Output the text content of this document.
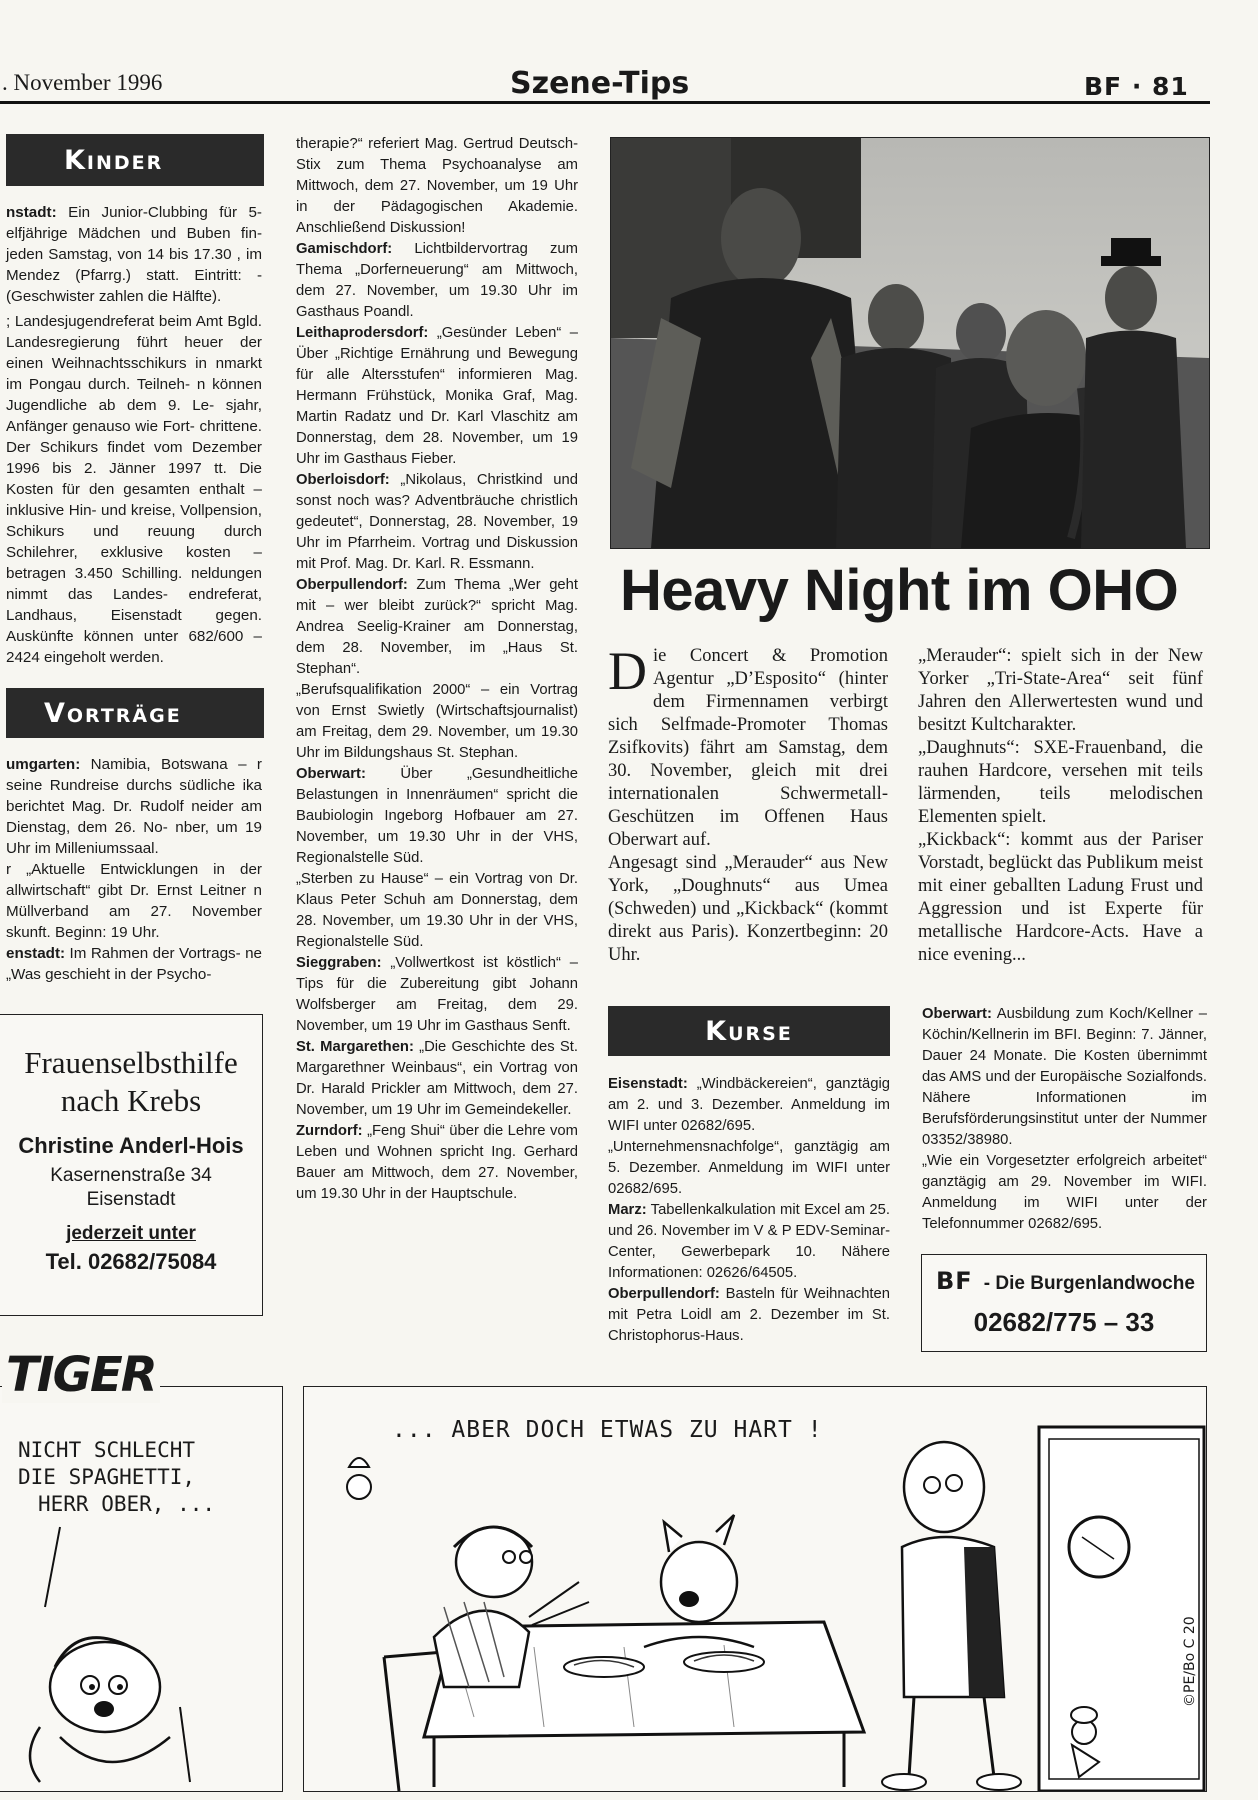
. November 1996	Szene-Tips	BF · 81
Kinder

nstadt: Ein Junior-Clubbing für 5- elfjährige Mädchen und Buben fin- jeden Samstag, von 14 bis 17.30 , im Mendez (Pfarrg.) statt. Eintritt: - (Geschwister zahlen die Hälfte).

; Landesjugendreferat beim Amt Bgld. Landesregierung führt heuer der einen Weihnachtsschikurs in nmarkt im Pongau durch. Teilneh- n können Jugendliche ab dem 9. Le- sjahr, Anfänger genauso wie Fort- chrittene. Der Schikurs findet vom Dezember 1996 bis 2. Jänner 1997 tt. Die Kosten für den gesamten enthalt – inklusive Hin- und kreise, Vollpension, Schikurs und reuung durch Schilehrer, exklusive kosten – betragen 3.450 Schilling. neldungen nimmt das Landes- endreferat, Landhaus, Eisenstadt gegen. Auskünfte können unter 682/600 – 2424 eingeholt werden.

Vorträge

umgarten: Namibia, Botswana – r seine Rundreise durchs südliche ika berichtet Mag. Dr. Rudolf neider am Dienstag, dem 26. No- nber, um 19 Uhr im Milleniumssaal.

r „Aktuelle Entwicklungen in der allwirtschaft“ gibt Dr. Ernst Leitner n Müllverband am 27. November skunft. Beginn: 19 Uhr.

enstadt: Im Rahmen der Vortrags- ne „Was geschieht in der Psycho-

Frauenselbsthilfe
nach Krebs
Christine Anderl-Hois
Kasernenstraße 34
Eisenstadt
jederzeit unter
Tel. 02682/75084

therapie?“ referiert Mag. Gertrud Deutsch-Stix zum Thema Psychoanalyse am Mittwoch, dem 27. November, um 19 Uhr in der Pädagogischen Akademie. Anschließend Diskussion!

Gamischdorf: Lichtbildervortrag zum Thema „Dorferneuerung“ am Mittwoch, dem 27. November, um 19.30 Uhr im Gasthaus Poandl.

Leithaprodersdorf: „Gesünder Leben“ – Über „Richtige Ernährung und Bewegung für alle Altersstufen“ informieren Mag. Hermann Frühstück, Monika Graf, Mag. Martin Radatz und Dr. Karl Vlaschitz am Donnerstag, dem 28. November, um 19 Uhr im Gasthaus Fieber.

Oberloisdorf: „Nikolaus, Christkind und sonst noch was? Adventbräuche christlich gedeutet“, Donnerstag, 28. November, 19 Uhr im Pfarrheim. Vortrag und Diskussion mit Prof. Mag. Dr. Karl. R. Essmann.

Oberpullendorf: Zum Thema „Wer geht mit – wer bleibt zurück?“ spricht Mag. Andrea Seelig-Krainer am Donnerstag, dem 28. November, im „Haus St. Stephan“.

„Berufsqualifikation 2000“ – ein Vortrag von Ernst Swietly (Wirtschaftsjournalist) am Freitag, dem 29. November, um 19.30 Uhr im Bildungshaus St. Stephan.

Oberwart: Über „Gesundheitliche Belastungen in Innenräumen“ spricht die Baubiologin Ingeborg Hofbauer am 27. November, um 19.30 Uhr in der VHS, Regionalstelle Süd.

„Sterben zu Hause“ – ein Vortrag von Dr. Klaus Peter Schuh am Donnerstag, dem 28. November, um 19.30 Uhr in der VHS, Regionalstelle Süd.

Sieggraben: „Vollwertkost ist köstlich“ – Tips für die Zubereitung gibt Johann Wolfsberger am Freitag, dem 29. November, um 19 Uhr im Gasthaus Senft.

St. Margarethen: „Die Geschichte des St. Margarethner Weinbaus“, ein Vortrag von Dr. Harald Prickler am Mittwoch, dem 27. November, um 19 Uhr im Gemeindekeller.

Zurndorf: „Feng Shui“ über die Lehre vom Leben und Wohnen spricht Ing. Gerhard Bauer am Mittwoch, dem 27. November, um 19.30 Uhr in der Hauptschule.

Heavy Night im OHO

Die Concert & Promotion Agentur „D’Esposito“ (hinter dem Firmennamen verbirgt sich Selfmade-Promoter Thomas Zsifkovits) fährt am Samstag, dem 30. November, gleich mit drei internationalen Schwermetall-Geschützen im Offenen Haus Oberwart auf.

Angesagt sind „Merauder“ aus New York, „Doughnuts“ aus Umea (Schweden) und „Kickback“ (kommt direkt aus Paris). Konzertbeginn: 20 Uhr.

„Merauder“: spielt sich in der New Yorker „Tri-State-Area“ seit fünf Jahren den Allerwertesten wund und besitzt Kultcharakter.

„Daughnuts“: SXE-Frauenband, die rauhen Hardcore, versehen mit teils lärmenden, teils melodischen Elementen spielt.

„Kickback“: kommt aus der Pariser Vorstadt, beglückt das Publikum meist mit einer geballten Ladung Frust und Aggression und ist Experte für metallische Hardcore-Acts. Have a nice evening...

Kurse

Eisenstadt: „Windbäckereien“, ganztägig am 2. und 3. Dezember. Anmeldung im WIFI unter 02682/695.

„Unternehmensnachfolge“, ganztägig am 5. Dezember. Anmeldung im WIFI unter 02682/695.

Marz: Tabellenkalkulation mit Excel am 25. und 26. November im V & P EDV-Seminar-Center, Gewerbepark 10. Nähere Informationen: 02626/64505.

Oberpullendorf: Basteln für Weihnachten mit Petra Loidl am 2. Dezember im St. Christophorus-Haus.

Oberwart: Ausbildung zum Koch/Kellner – Köchin/Kellnerin im BFI. Beginn: 7. Jänner, Dauer 24 Monate. Die Kosten übernimmt das AMS und der Europäische Sozialfonds. Nähere Informationen im Berufsförderungsinstitut unter der Nummer 03352/38980.

„Wie ein Vorgesetzter erfolgreich arbeitet“ ganztägig am 29. November im WIFI. Anmeldung im WIFI unter der Telefonnummer 02682/695.

BF - Die Burgenlandwoche
02682/775 – 33
TIGER
NICHT SCHLECHT
DIE SPAGHETTI,
HERR OBER, ...
... ABER DOCH ETWAS ZU HART !
©PE/Bo C 20
